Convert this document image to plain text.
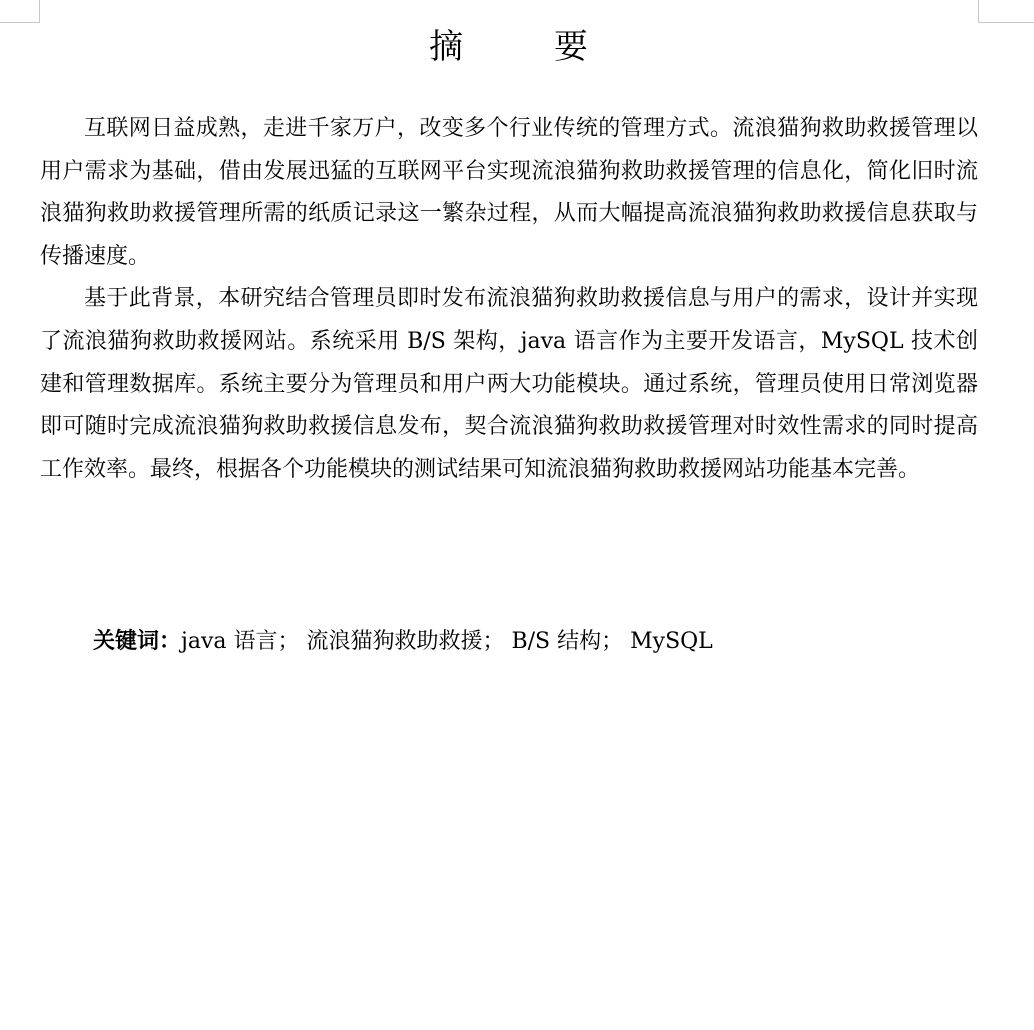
摘 要

互联网日益成熟，走进千家万户，改变多个行业传统的管理方式。流浪猫狗救助救援管理以用户需求为基础，借由发展迅猛的互联网平台实现流浪猫狗救助救援管理的信息化，简化旧时流浪猫狗救助救援管理所需的纸质记录这一繁杂过程，从而大幅提高流浪猫狗救助救援信息获取与传播速度。

基于此背景，本研究结合管理员即时发布流浪猫狗救助救援信息与用户的需求，设计并实现了流浪猫狗救助救援网站。系统采用 B/S 架构，java 语言作为主要开发语言，MySQL 技术创建和管理数据库。系统主要分为管理员和用户两大功能模块。通过系统，管理员使用日常浏览器即可随时完成流浪猫狗救助救援信息发布，契合流浪猫狗救助救援管理对时效性需求的同时提高工作效率。最终，根据各个功能模块的测试结果可知流浪猫狗救助救援网站功能基本完善。

关键词：java 语言； 流浪猫狗救助救援； B/S 结构； MySQL
